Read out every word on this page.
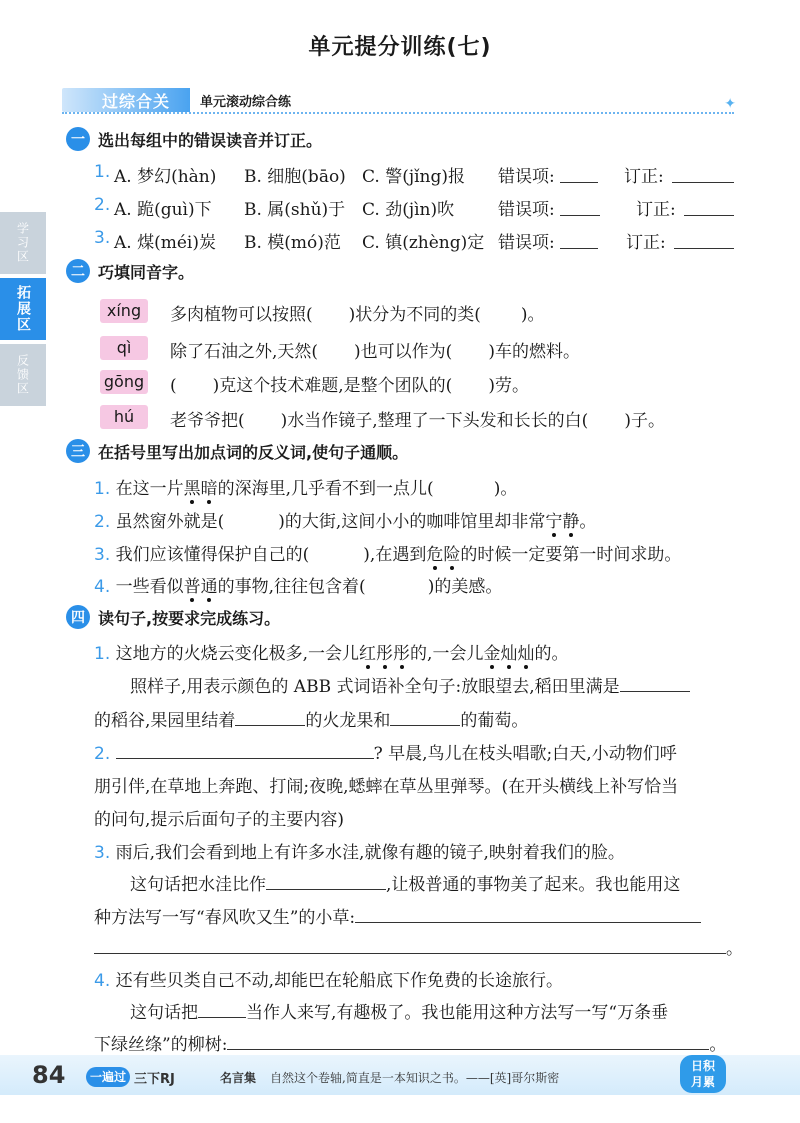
单元提分训练(七)
过综合关 单元滚动综合练	✦
学习区
拓展区
反馈区
一 选出每组中的错误读音并订正。
1. A. 梦幻(hàn) B. 细胞(bāo) C. 警(jǐng)报 错误项:	订正:
2. A. 跪(guì)下 B. 属(shǔ)于 C. 劲(jìn)吹	错误项:	订正:
3. A. 煤(méi)炭 B. 模(mó)范 C. 镇(zhèng)定 错误项:	订正:
二 巧填同音字。
xíng	多肉植物可以按照( )状分为不同的类( )。
qì	除了石油之外,天然( )也可以作为( )车的燃料。
gōng ( )克这个技术难题,是整个团队的( )劳。
hú	老爷爷把( )水当作镜子,整理了一下头发和长长的白( )子。
三 在括号里写出加点词的反义词,使句子通顺。
1. 在这一片黑暗的深海里,几乎看不到一点儿(	)。
2. 虽然窗外就是(	)的大街,这间小小的咖啡馆里却非常宁静。
3. 我们应该懂得保护自己的(	),在遇到危险的时候一定要第一时间求助。
4. 一些看似普通的事物,往往包含着(	)的美感。
四 读句子,按要求完成练习。
1. 这地方的火烧云变化极多,一会儿红彤彤的,一会儿金灿灿的。
照样子,用表示颜色的 ABB 式词语补全句子:放眼望去,稻田里满是
的稻谷,果园里结着	的火龙果和	的葡萄。
2.	? 早晨,鸟儿在枝头唱歌;白天,小动物们呼
朋引伴,在草地上奔跑、打闹;夜晚,蟋蟀在草丛里弹琴。(在开头横线上补写恰当
的问句,提示后面句子的主要内容)
3. 雨后,我们会看到地上有许多水洼,就像有趣的镜子,映射着我们的脸。
这句话把水洼比作	,让极普通的事物美了起来。我也能用这
种方法写一写“春风吹又生”的小草:
。
4. 还有些贝类自己不动,却能巴在轮船底下作免费的长途旅行。
这句话把	当作人来写,有趣极了。我也能用这种方法写一写“万条垂
下绿丝绦”的柳树:	。
84	一遍过 三下RJ	名言集 自然这个卷轴,简直是一本知识之书。——[英]哥尔斯密
日积
月累
